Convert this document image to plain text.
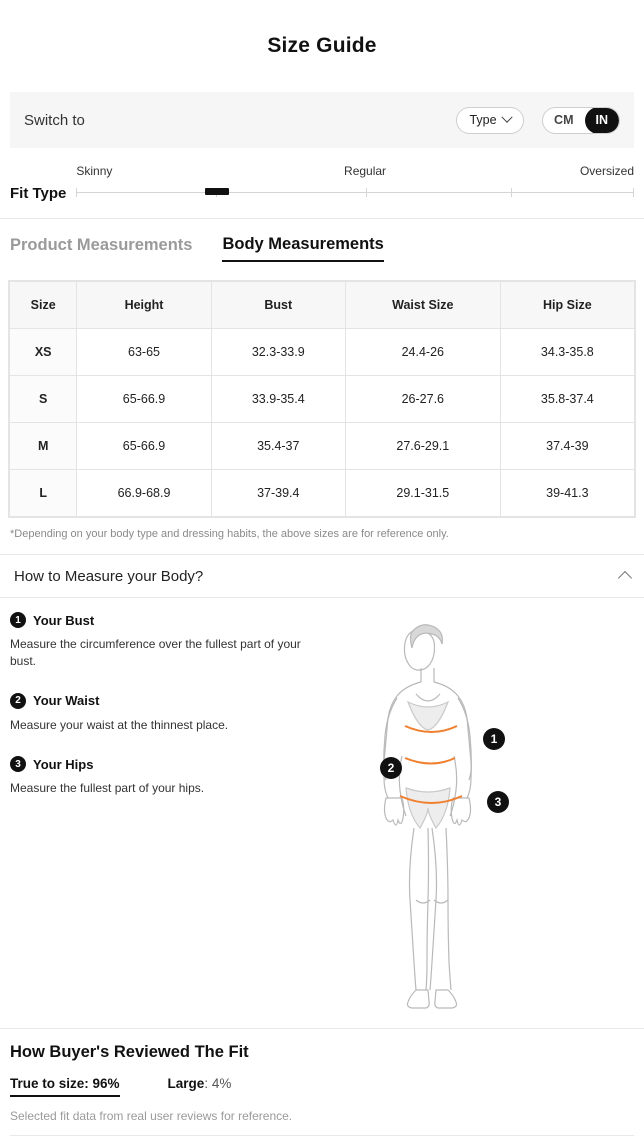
Size Guide
Switch to	Type	CM	IN
Fit Type
Skinny	Regular	Oversized
Product Measurements Body Measurements
Size	Height	Bust	Waist Size	Hip Size
XS	63-65	32.3-33.9	24.4-26	34.3-35.8
S	65-66.9	33.9-35.4	26-27.6	35.8-37.4
M	65-66.9	35.4-37	27.6-29.1	37.4-39
L	66.9-68.9	37-39.4	29.1-31.5	39-41.3
*Depending on your body type and dressing habits, the above sizes are for reference only.
How to Measure your Body?
1 Your Bust

Measure the circumference over the fullest part of your bust.

2 Your Waist

Measure your waist at the thinnest place.

3 Your Hips

Measure the fullest part of your hips.

1
2
3
How Buyer's Reviewed The Fit
True to size: 96%	Large: 4%
Selected fit data from real user reviews for reference.
